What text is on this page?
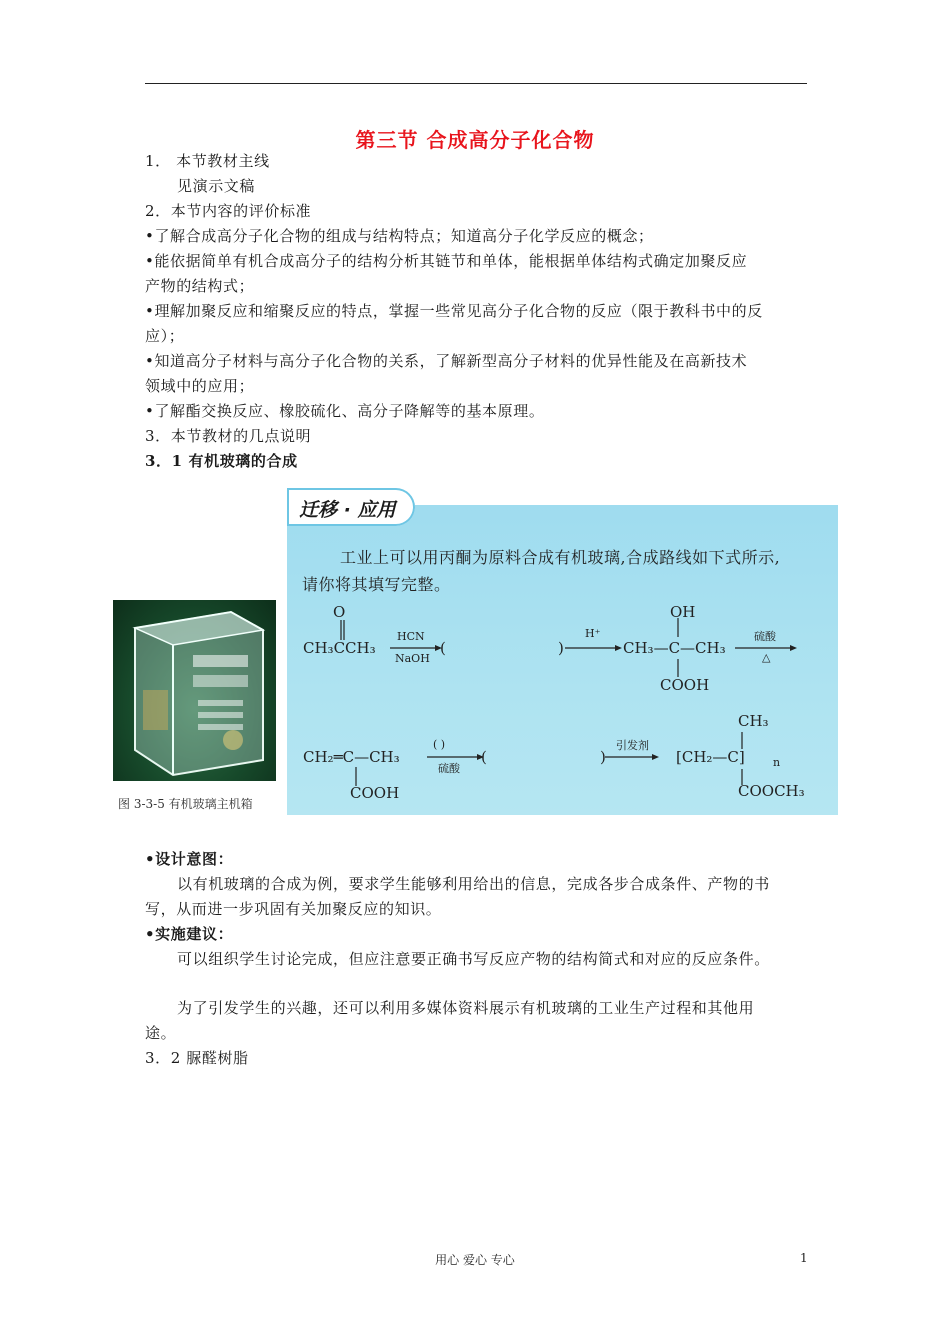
第三节 合成高分子化合物
1． 本节教材主线
见演示文稿
2．本节内容的评价标准
•了解合成高分子化合物的组成与结构特点；知道高分子化学反应的概念；
•能依据简单有机合成高分子的结构分析其链节和单体，能根据单体结构式确定加聚反应
产物的结构式；
•理解加聚反应和缩聚反应的特点，掌握一些常见高分子化合物的反应（限于教科书中的反
应）；
•知道高分子材料与高分子化合物的关系，了解新型高分子材料的优异性能及在高新技术
领域中的应用；
•了解酯交换反应、橡胶硫化、高分子降解等的基本原理。
3．本节教材的几点说明
3．1 有机玻璃的合成
图 3-3-5 有机玻璃主机箱
迁移 · 应用
工业上可以用丙酮为原料合成有机玻璃,合成路线如下式所示,
请你将其填写完整。
O
CH₃CCH₃
HCN
NaOH
(	)
H⁺
OH
CH₃—C—CH₃
COOH
硫酸
△
CH₂═C—CH₃
COOH
( )
硫酸
(	)
引发剂
CH₃
[CH₂—C]	n
COOCH₃
•设计意图：
以有机玻璃的合成为例，要求学生能够利用给出的信息，完成各步合成条件、产物的书
写，从而进一步巩固有关加聚反应的知识。
•实施建议：
可以组织学生讨论完成，但应注意要正确书写反应产物的结构简式和对应的反应条件。
为了引发学生的兴趣，还可以利用多媒体资料展示有机玻璃的工业生产过程和其他用
途。
3．2 脲醛树脂
用心 爱心 专心	1
